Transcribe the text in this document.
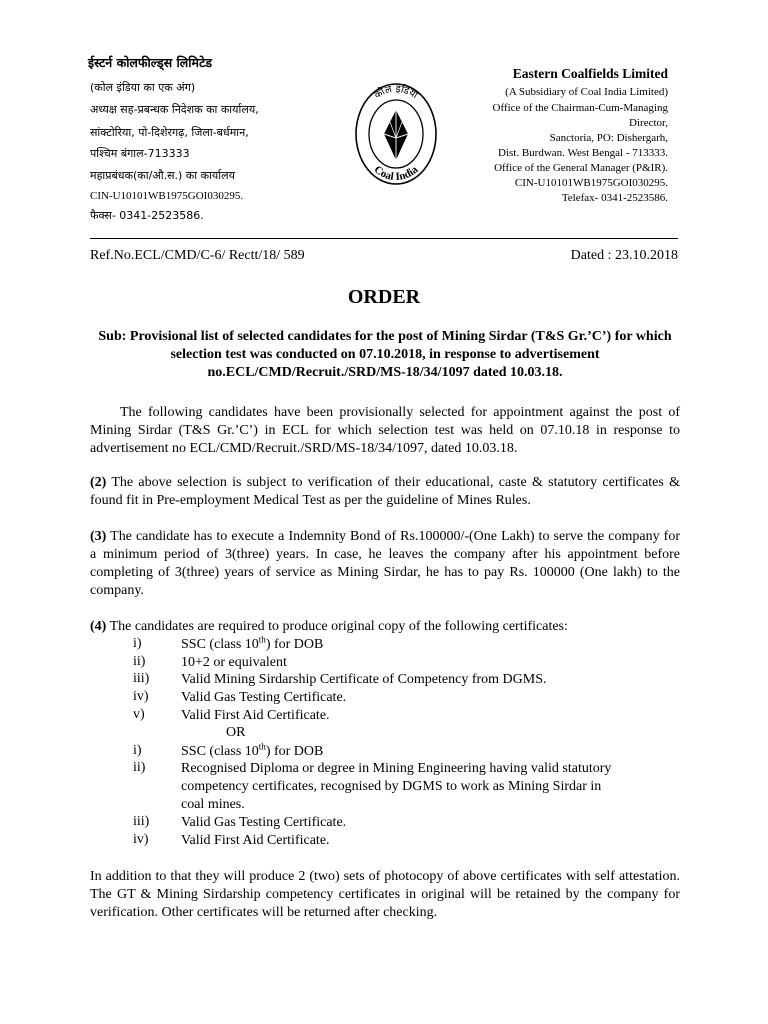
ईस्टर्न कोलफील्ड्स लिमिटेड
(कोल इंडिया का एक अंग)
अध्यक्ष सह-प्रबन्धक निदेशक का कार्यालय,
सांक्टोरिया, पो-दिशेरगढ़, जिला-बर्धमान,
पश्चिम बंगाल-713333
महाप्रबंधक(का/औ.स.) का कार्यालय
CIN-U10101WB1975GOI030295.
फैक्स- 0341-2523586.
कोल इंडिया
Coal India
Eastern Coalfields Limited
(A Subsidiary of Coal India Limited)
Office of the Chairman-Cum-Managing
Director,
Sanctoria, PO: Dishergarh,
Dist. Burdwan. West Bengal - 713333.
Office of the General Manager (P&IR).
CIN-U10101WB1975GOI030295.
Telefax- 0341-2523586.
Ref.No.ECL/CMD/C-6/ Rectt/18/ 589	Dated : 23.10.2018
ORDER
Sub: Provisional list of selected candidates for the post of Mining Sirdar (T&S Gr.’C’) for which selection test was conducted on 07.10.2018, in response to advertisement no.ECL/CMD/Recruit./SRD/MS-18/34/1097 dated 10.03.18.
The following candidates have been provisionally selected for appointment against the post of Mining Sirdar (T&S Gr.’C’) in ECL for which selection test was held on 07.10.18 in response to advertisement no ECL/CMD/Recruit./SRD/MS-18/34/1097, dated 10.03.18.
(2) The above selection is subject to verification of their educational, caste & statutory certificates & found fit in Pre-employment Medical Test as per the guideline of Mines Rules.
(3) The candidate has to execute a Indemnity Bond of Rs.100000/-(One Lakh) to serve the company for a minimum period of 3(three) years. In case, he leaves the company after his appointment before completing of 3(three) years of service as Mining Sirdar, he has to pay Rs. 100000 (One lakh) to the company.
(4) The candidates are required to produce original copy of the following certificates:
i)	SSC (class 10th) for DOB
ii)	10+2 or equivalent
iii) Valid Mining Sirdarship Certificate of Competency from DGMS.
iv) Valid Gas Testing Certificate.
v)	Valid First Aid Certificate.
OR
i)	SSC (class 10th) for DOB
ii)	Recognised Diploma or degree in Mining Engineering having valid statutory competency certificates, recognised by DGMS to work as Mining Sirdar in coal mines.
iii) Valid Gas Testing Certificate.
iv) Valid First Aid Certificate.
In addition to that they will produce 2 (two) sets of photocopy of above certificates with self attestation. The GT & Mining Sirdarship competency certificates in original will be retained by the company for verification. Other certificates will be returned after checking.
